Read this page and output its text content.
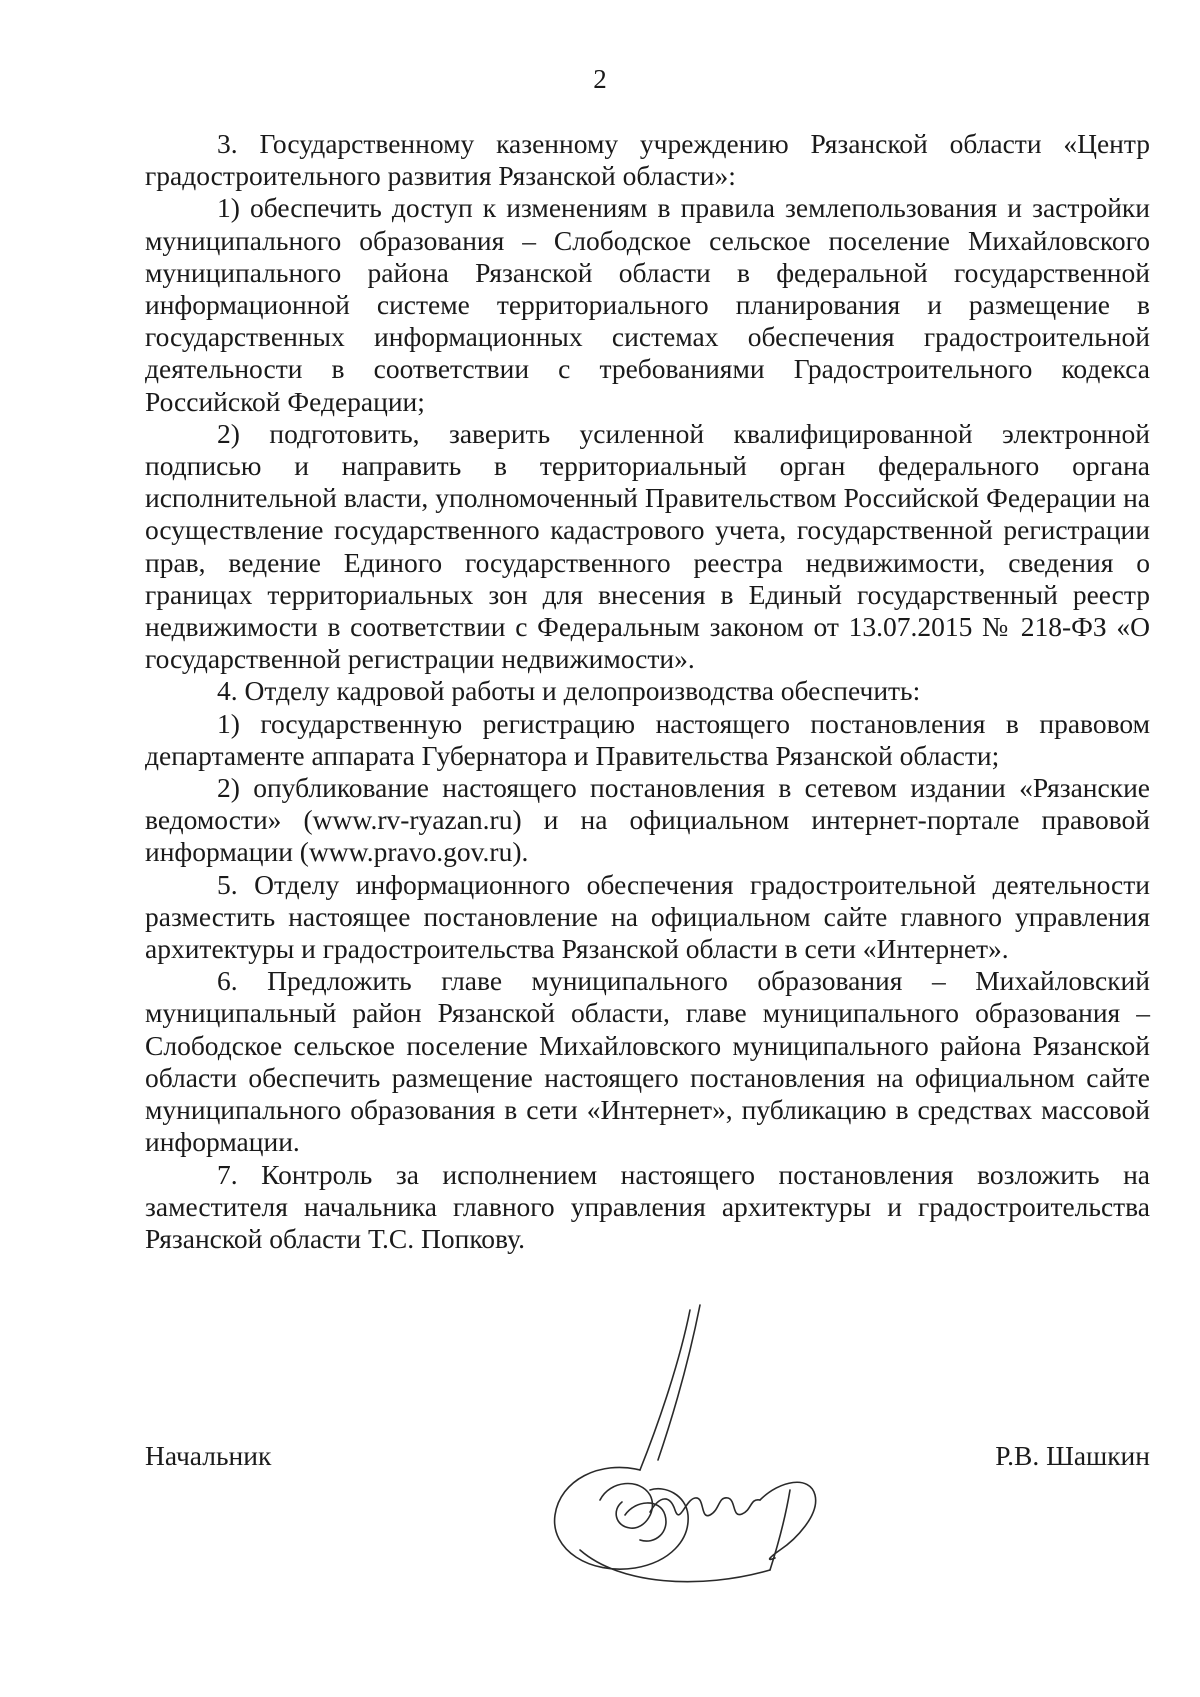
2

3. Государственному казенному учреждению Рязанской области «Центр градостроительного развития Рязанской области»:

1) обеспечить доступ к изменениям в правила землепользования и застройки муниципального образования – Слободское сельское поселение Михайловского муниципального района Рязанской области в федеральной государственной информационной системе территориального планирования и размещение в государственных информационных системах обеспечения градостроительной деятельности в соответствии с требованиями Градостроительного кодекса Российской Федерации;

2) подготовить, заверить усиленной квалифицированной электронной подписью и направить в территориальный орган федерального органа исполнительной власти, уполномоченный Правительством Российской Федерации на осуществление государственного кадастрового учета, государственной регистрации прав, ведение Единого государственного реестра недвижимости, сведения о границах территориальных зон для внесения в Единый государственный реестр недвижимости в соответствии с Федеральным законом от 13.07.2015 № 218-ФЗ «О государственной регистрации недвижимости».

4. Отделу кадровой работы и делопроизводства обеспечить:

1) государственную регистрацию настоящего постановления в правовом департаменте аппарата Губернатора и Правительства Рязанской области;

2) опубликование настоящего постановления в сетевом издании «Рязанские ведомости» (www.rv-ryazan.ru) и на официальном интернет-портале правовой информации (www.pravo.gov.ru).

5. Отделу информационного обеспечения градостроительной деятельности разместить настоящее постановление на официальном сайте главного управления архитектуры и градостроительства Рязанской области в сети «Интернет».

6. Предложить главе муниципального образования – Михайловский муниципальный район Рязанской области, главе муниципального образования – Слободское сельское поселение Михайловского муниципального района Рязанской области обеспечить размещение настоящего постановления на официальном сайте муниципального образования в сети «Интернет», публикацию в средствах массовой информации.

7. Контроль за исполнением настоящего постановления возложить на заместителя начальника главного управления архитектуры и градостроительства Рязанской области Т.С. Попкову.

Начальник	Р.В. Шашкин
